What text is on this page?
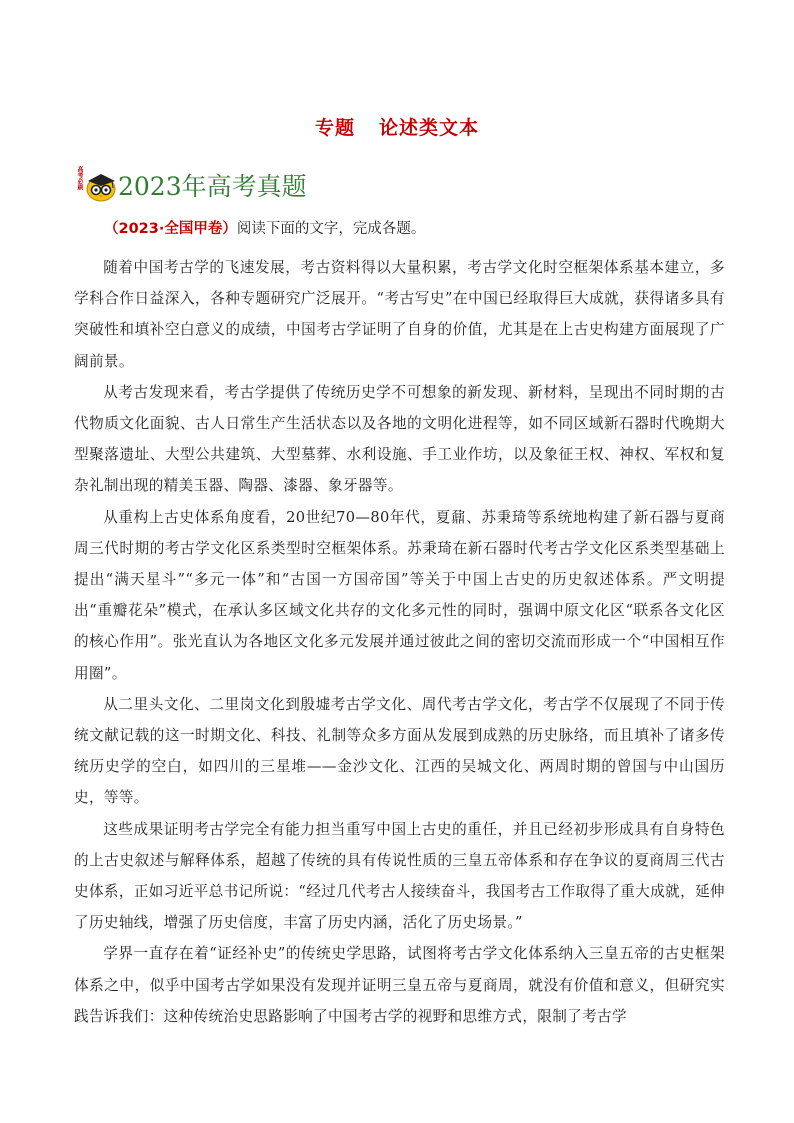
专题 论述类文本
高考必刷 2023年高考真题
（2023·全国甲卷）阅读下面的文字，完成各题。

随着中国考古学的飞速发展，考古资料得以大量积累，考古学文化时空框架体系基本建立，多学科合作日益深入，各种专题研究广泛展开。“考古写史”在中国已经取得巨大成就，获得诸多具有突破性和填补空白意义的成绩，中国考古学证明了自身的价值，尤其是在上古史构建方面展现了广阔前景。

从考古发现来看，考古学提供了传统历史学不可想象的新发现、新材料，呈现出不同时期的古代物质文化面貌、古人日常生产生活状态以及各地的文明化进程等，如不同区域新石器时代晚期大型聚落遗址、大型公共建筑、大型墓葬、水利设施、手工业作坊，以及象征王权、神权、军权和复杂礼制出现的精美玉器、陶器、漆器、象牙器等。

从重构上古史体系角度看，20世纪70—80年代，夏鼐、苏秉琦等系统地构建了新石器与夏商周三代时期的考古学文化区系类型时空框架体系。苏秉琦在新石器时代考古学文化区系类型基础上提出“满天星斗”“多元一体”和“古国一方国帝国”等关于中国上古史的历史叙述体系。严文明提出“重瓣花朵”模式，在承认多区域文化共存的文化多元性的同时，强调中原文化区“联系各文化区的核心作用”。张光直认为各地区文化多元发展并通过彼此之间的密切交流而形成一个“中国相互作用圈”。

从二里头文化、二里岗文化到殷墟考古学文化、周代考古学文化，考古学不仅展现了不同于传统文献记载的这一时期文化、科技、礼制等众多方面从发展到成熟的历史脉络，而且填补了诸多传统历史学的空白，如四川的三星堆——金沙文化、江西的吴城文化、两周时期的曾国与中山国历史，等等。

这些成果证明考古学完全有能力担当重写中国上古史的重任，并且已经初步形成具有自身特色的上古史叙述与解释体系，超越了传统的具有传说性质的三皇五帝体系和存在争议的夏商周三代古史体系，正如习近平总书记所说：“经过几代考古人接续奋斗，我国考古工作取得了重大成就，延伸了历史轴线，增强了历史信度，丰富了历史内涵，活化了历史场景。”

学界一直存在着“证经补史”的传统史学思路，试图将考古学文化体系纳入三皇五帝的古史框架体系之中，似乎中国考古学如果没有发现并证明三皇五帝与夏商周，就没有价值和意义，但研究实践告诉我们：这种传统治史思路影响了中国考古学的视野和思维方式，限制了考古学
